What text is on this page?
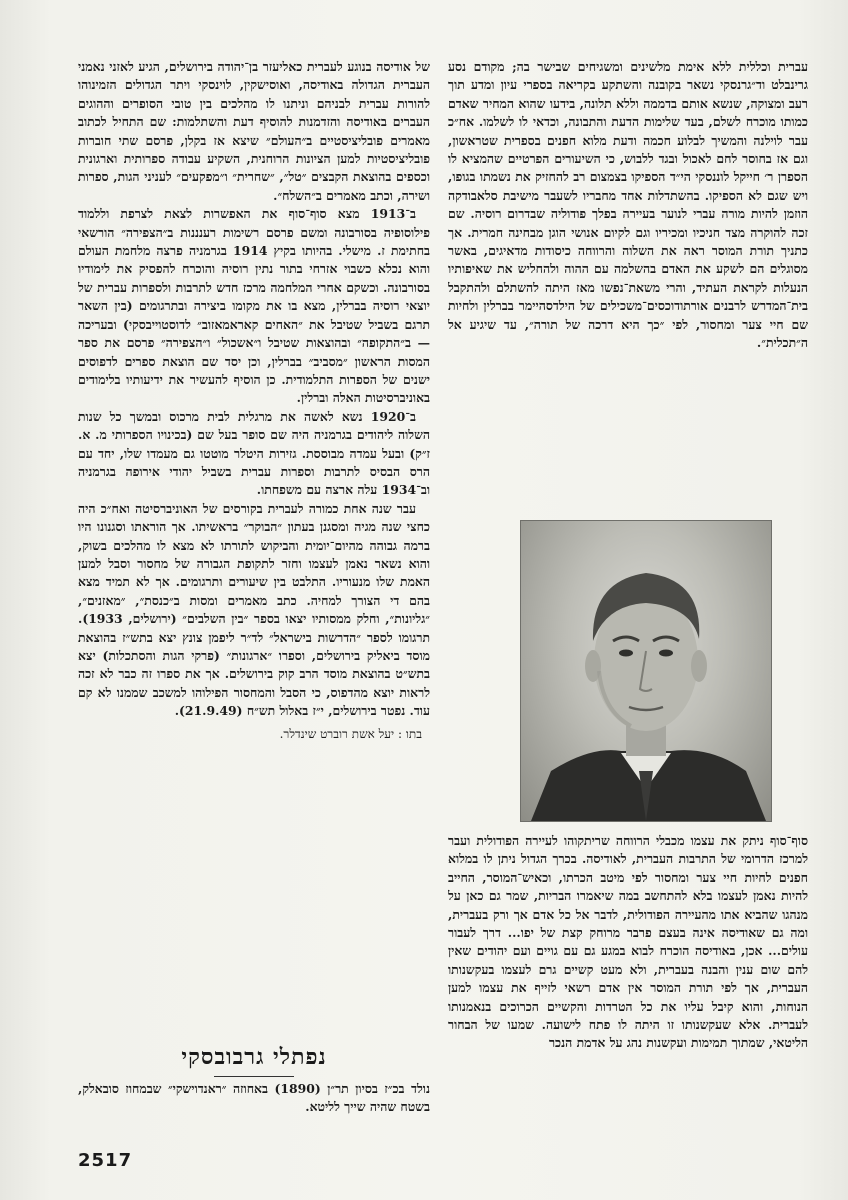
עברית וכללית ללא אימת מלשינים ומשגיחים שבישר בה; מקודם נסע גרינבלט וד״גרנסקי נשאר בקובנה והשתקע בקריאה בספרי עיון ומדע תוך רעב ומצוקה, שנשא אותם בדממה וללא תלונה, בידעו שהוא המחיר שאדם כמותו מוכרח לשלם, בעד שלימות הדעת והתבונה, וכדאי לו לשלמו. אח״כ עבר לוילנה והמשיך לבלוע חכמה ודעת מלוא חפנים בספרית שטראשון, וגם אז בחוסר לחם לאכול ובגד ללבוש, כי השיעורים הפרטיים שהמציא לו הספרן ר׳ חייקל לוננסקי הי״ד הספיקו בצמצום רב להחזיק את נשמתו בגופו, ויש שגם לא הספיקו. בהשתדלות אחד מחבריו לשעבר מישיבת סלאבודקה הוזמן להיות מורה עברי לנוער בעיירה בפלך פודוליה שבדרום רוסיה. שם זכה להוקרה מצד חניכיו ומכיריו וגם לקיום אנושי הוגן מבחינה חמרית. אך כתניך תורת המוסר ראה את השלוה והרווחה כיסודות מדאיגים, באשר מסוגלים הם לשקע את האדם בהשלמה עם ההוה ולהחליש את שאיפותיו הנעלות לקראת העתיד, והרי משאת־נפשו מאז היתה להשתלם ולהתקבל בית־המדרש לרבנים אורתודוכסים־משכילים של הילדסהיימר בברלין ולחיות שם חיי צער ומחסור, לפי ״כך היא דרכה של תורה״, עד שיגיע אל ה״תכלית״.

סוף־סוף ניתק את עצמו מכבלי הרווחה שריתקוהו לעיירה הפודולית ועבר למרכז הדרומי של התרבות העברית, לאודיסה. בכרך הגדול ניתן לו במלוא חפנים לחיות חיי צער ומחסור לפי מיטב הכרתו, וכאיש־המוסר, החייב להיות נאמן לעצמו בלא להתחשב במה שיאמרו הבריות, שמר גם כאן על מנהגו שהביא אתו מהעיירה הפודולית, לדבר אל כל אדם אך ורק בעברית, ומה גם שאודיסה אינה בעצם פרבר מרוחק קצת של יפו... דרך לעבור עולים... אכן, באודיסה הוכרח לבוא במגע גם עם גויים ועם יהודים שאין להם שום ענין והבנה בעברית, ולא מעט קשיים גרם לעצמו בעקשנותו העברית, אך לפי תורת המוסר אין אדם רשאי לזייף את עצמו למען הנוחות, והוא קיבל עליו את כל הטרדות והקשיים הכרוכים בנאמנותו לעברית. אלא שעקשנותו זו היתה לו פתח לישועה. שמעו של הבחור הליטאי, שמתוך תמימות ועקשנות נהג על אדמת הנכר

של אודיסה בנוגע לעברית כאליעזר בן־יהודה בירושלים, הגיע לאזני נאמני העברית הגדולה באודיסה, ואוסישקין, לוינסקי ויתר הגדולים הזמינוהו להורות עברית לבניהם וניתנו לו מהלכים בין טובי הסופרים וההוגים העברים באודיסה והזדמנות להוסיף דעת והשתלמות: שם התחיל לכתוב מאמרים פובליציסטיים ב״העולם״ שיצא אז בקלן, פרסם שתי חוברות פובליציסטיות למען הציונות הרוחנית, השקיע עבודה ספרותית וארגונית וכספים בהוצאת הקבצים ״טל״, ״שחרית״ ו״מפקעים״ לעניני הגות, ספרות ושירה, וכתב מאמרים ב״השלח״.

ב־1913 מצא סוף־סוף את האפשרות לצאת לצרפת וללמוד פילוסופיה בסורבונה ומשם פרסם רשימות רענננות ב״הצפירה״ הורשאי בחתימת ז. מישלי. בהיותו בקיץ 1914 בגרמניה פרצה מלחמת העולם והוא נכלא כשבוי אזרחי בתור נתין רוסיה והוכרח להפסיק את לימודיו בסורבונה. וכשקם אחרי המלחמה מרכז חדש לתרבות ולספרות עברית של יוצאי רוסיה בברלין, מצא בו את מקומו ביצירה ובתרגומים (בין השאר תרגם בשביל שטיבל את ״האחים קאראמאזוב״ לדוסטוייבסקי) ובעריכה — ב״התקופה״ ובהוצאות שטיבל ו״אשכול״ ו״הצפירה״ פרסם את ספר המסות הראשון ״מסביב״ בברלין, וכן יסד שם הוצאת ספרים לדפוסים ישנים של הספרות התלמודית. כן הוסיף להעשיר את ידיעותיו בלימודים באוניברסיטות האלה וברלין.

ב־1920 נשא לאשה את מרגלית לבית מרכוס ובמשך כל שנות השלוה ליהודים בגרמניה היה שם סופר בעל שם (בכינויו הספרותי מ. א. ז״ק) ובעל עמדה מבוססת. גזירות היטלר מוטטו גם מעמדו שלו, יחד עם הרס הבסיס לתרבות וספרות עברית בשביל יהודי אירופה בגרמניה וב־1934 עלה ארצה עם משפחתו.

עבר שנה אחת כמורה לעברית בקורסים של האוניברסיטה ואח״כ היה כחצי שנה מגיה ומסגנן בעתון ״הבוקר״ בראשיתו. אך הוראתו וסגנונו היו ברמה גבוהה מהיום־יומית והביקוש לתורתו לא מצא לו מהלכים בשוק, והוא נשאר נאמן לעצמו וחזר לתקופת הגבורה של מחסור וסבל למען האמת שלו מנעוריו. התלבט בין שיעורים ותרגומים. אך לא תמיד מצא בהם די הצורך למחיה. כתב מאמרים ומסות ב״כנסת״, ״מאזנים״, ״גליונות״, וחלק ממסותיו יצאו בספר ״בין השלבים״ (ירושלים, 1933). תרגומו לספר ״הדרשות בישראל״ לד״ר ליפמן צונץ יצא בתש״ז בהוצאת מוסד ביאליק בירושלים, וספרו ״ארגונות״ (פרקי הגות והסתכלות) יצא בתש״ט בהוצאת מוסד הרב קוק בירושלים. אך את ספרו זה כבר לא זכה לראות יוצא מהדפוס, כי הסבל והמחסור הפילוהו למשכב שממנו לא קם עוד. נפטר בירושלים, י״ז באלול תש״ח (21.9.49).

בתו : יעל אשת רוברט שינדלר.
נפתלי גרבובסקי

נולד בכ״ז בסיון תר״ן (1890) באחוזה ״ראנדוישקי״ שבמחוז סובאלק, בשטח שהיה שייך לליטא.

2517
